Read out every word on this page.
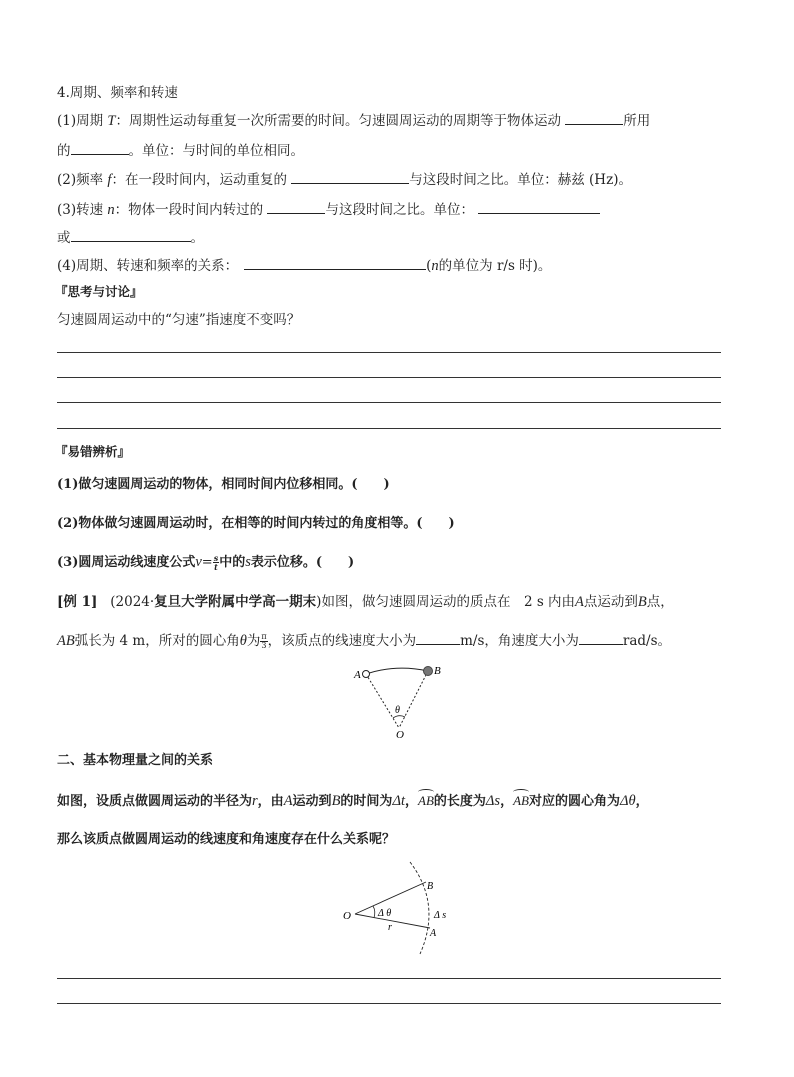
4.周期、频率和转速
(1)周期 T：周期性运动每重复一次所需要的时间。匀速圆周运动的周期等于物体运动	所用
的	。单位：与时间的单位相同。
(2)频率 f：在一段时间内，运动重复的	与这段时间之比。单位：赫兹 (Hz)。
(3)转速 n：物体一段时间内转过的	与这段时间之比。单位：
或	。
(4)周期、转速和频率的关系：	(n的单位为 r/s 时)。
『思考与讨论』
匀速圆周运动中的“匀速”指速度不变吗？
『易错辨析』
(1)做匀速圆周运动的物体，相同时间内位移相同。(　　)
(2)物体做匀速圆周运动时，在相等的时间内转过的角度相等。(　　)
(3)圆周运动线速度公式$v= \frac{s}{t}$ 中的s表示位移。(　　)
[例 1] (2024·复旦大学附属中学高一期末)如图，做匀速圆周运动的质点在　2 s 内由A点运动到B点，
AB弧长为 4 m，所对的圆心角θ为 $\frac{\pi}{3}$ ，该质点的线速度大小为	m/s，角速度大小为	rad/s。
A	B
θ
O
二、基本物理量之间的关系
如图，设质点做圆周运动的半径为r，由A运动到B的时间为Δt，AB的长度为Δs，AB对应的圆心角为Δθ，
那么该质点做圆周运动的线速度和角速度存在什么关系呢？
O
B
A
Δ θ	Δ s
r
